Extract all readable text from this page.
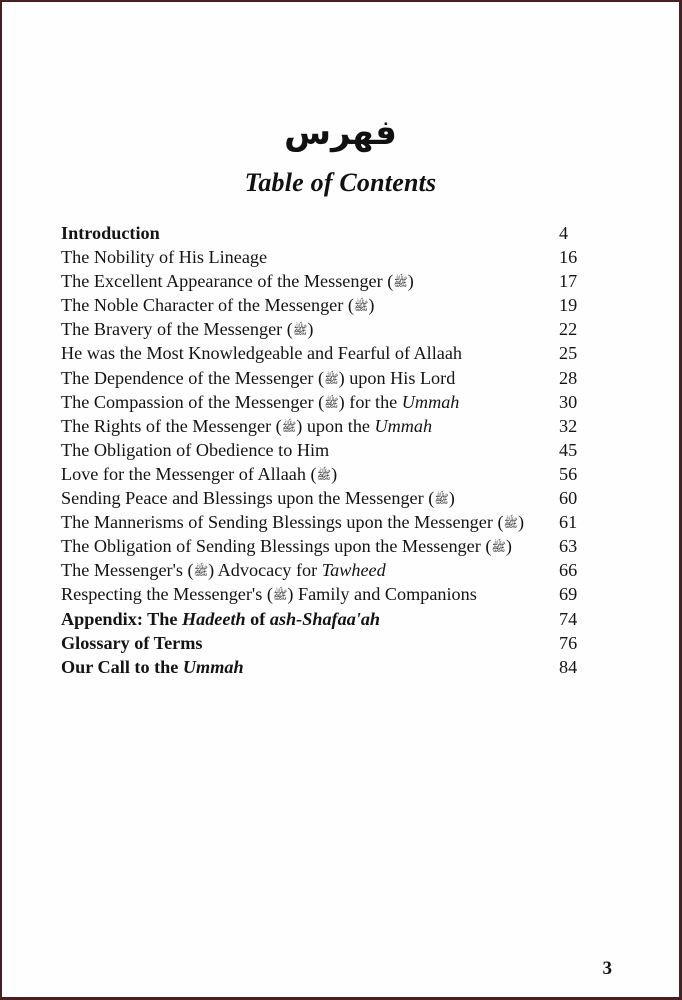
فهرس
Table of Contents
Introduction	4
The Nobility of His Lineage	16
The Excellent Appearance of the Messenger (ﷺ)	17
The Noble Character of the Messenger (ﷺ)	19
The Bravery of the Messenger (ﷺ)	22
He was the Most Knowledgeable and Fearful of Allaah	25
The Dependence of the Messenger (ﷺ) upon His Lord	28
The Compassion of the Messenger (ﷺ) for the Ummah	30
The Rights of the Messenger (ﷺ) upon the Ummah	32
The Obligation of Obedience to Him	45
Love for the Messenger of Allaah (ﷺ)	56
Sending Peace and Blessings upon the Messenger (ﷺ)	60
The Mannerisms of Sending Blessings upon the Messenger (ﷺ)	61
The Obligation of Sending Blessings upon the Messenger (ﷺ)	63
The Messenger's (ﷺ) Advocacy for Tawheed	66
Respecting the Messenger's (ﷺ) Family and Companions	69
Appendix: The Hadeeth of ash-Shafaa'ah	74
Glossary of Terms	76
Our Call to the Ummah	84
3
